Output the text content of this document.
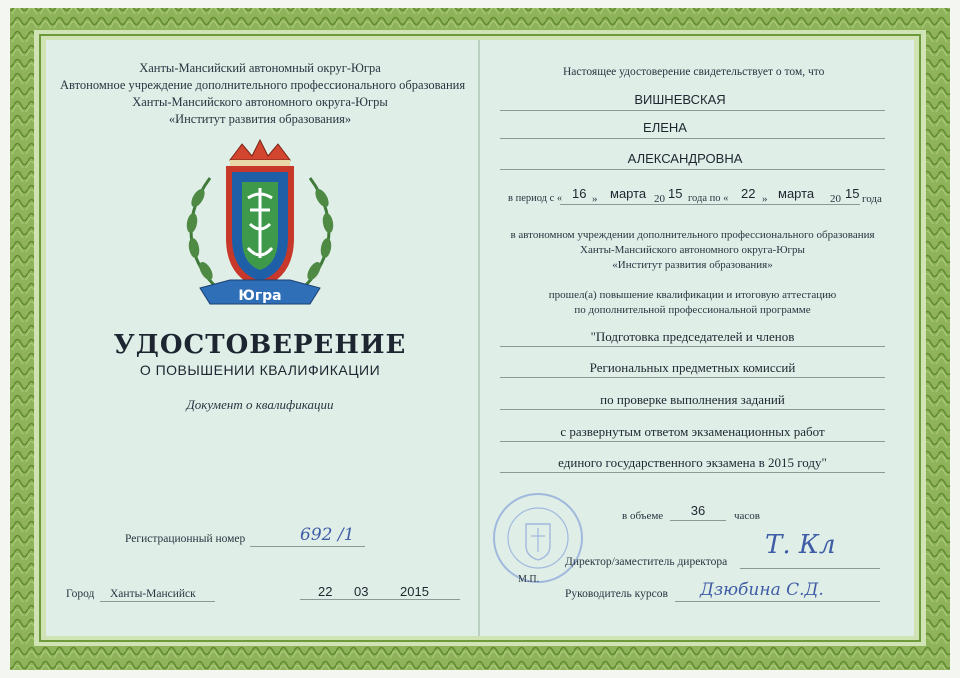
Ханты-Мансийский автономный округ-Югра
Автономное учреждение дополнительного профессионального образования
Ханты-Мансийского автономного округа-Югры
«Институт развития образования»
Югра
УДОСТОВЕРЕНИЕ
О ПОВЫШЕНИИ КВАЛИФИКАЦИИ
Документ о квалификации
Регистрационный номер	692 /1
Город Ханты-Мансийск	22 03 2015
Настоящее удостоверение свидетельствует о том, что
ВИШНЕВСКАЯ
ЕЛЕНА
АЛЕКСАНДРОВНА
в период с « 16 » марта 20 15 года по « 22 » марта 20 15 года
в автономном учреждении дополнительного профессионального образования
Ханты-Мансийского автономного округа-Югры
«Институт развития образования»
прошел(а) повышение квалификации и итоговую аттестацию
по дополнительной профессиональной программе
"Подготовка председателей и членов
Региональных предметных комиссий
по проверке выполнения заданий
с развернутым ответом экзаменационных работ
единого государственного экзамена в 2015 году"
в объеме	36	часов
Директор/заместитель директора
Т. Кл
М.П.
Руководитель курсов Дзюбина С.Д.
